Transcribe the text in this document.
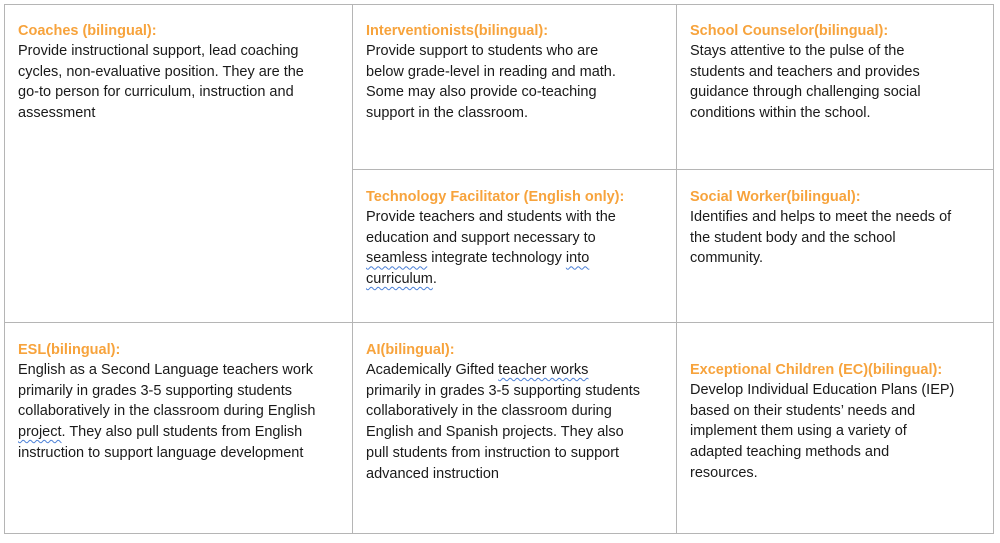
Coaches (bilingual):
Provide instructional support, lead coaching
cycles, non-evaluative position. They are the
go-to person for curriculum, instruction and
assessment
Interventionists(bilingual):
Provide support to students who are
below grade-level in reading and math.
Some may also provide co-teaching
support in the classroom.
School Counselor(bilingual):
Stays attentive to the pulse of the
students and teachers and provides
guidance through challenging social
conditions within the school.
Technology Facilitator (English only):
Provide teachers and students with the
education and support necessary to
seamless integrate technology into
curriculum.
Social Worker(bilingual):
Identifies and helps to meet the needs of
the student body and the school
community.
ESL(bilingual):
English as a Second Language teachers work
primarily in grades 3-5 supporting students
collaboratively in the classroom during English
project. They also pull students from English
instruction to support language development
AI(bilingual):
Academically Gifted teacher works
primarily in grades 3-5 supporting students
collaboratively in the classroom during
English and Spanish projects. They also
pull students from instruction to support
advanced instruction
Exceptional Children (EC)(bilingual):
Develop Individual Education Plans (IEP)
based on their students’ needs and
implement them using a variety of
adapted teaching methods and
resources.
